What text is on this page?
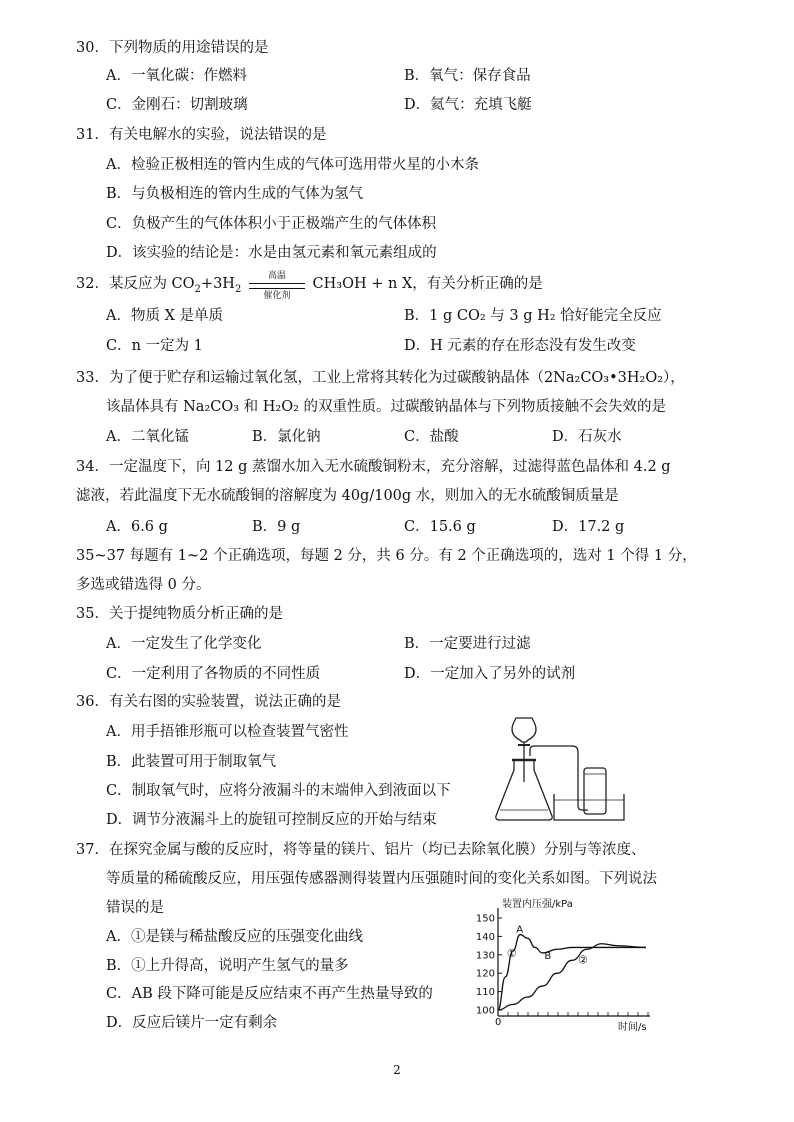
30．下列物质的用途错误的是
A．一氧化碳：作燃料	B．氧气：保存食品
C．金刚石：切割玻璃	D．氦气：充填飞艇
31．有关电解水的实验，说法错误的是
A．检验正极相连的管内生成的气体可选用带火星的小木条
B．与负极相连的管内生成的气体为氢气
C．负极产生的气体体积小于正极端产生的气体体积
D．该实验的结论是：水是由氢元素和氧元素组成的
32．某反应为 $CO_2+3H_2$
高温
催化剂
CH₃OH + n X，有关分析正确的是
A．物质 X 是单质	B．1 g CO₂ 与 3 g H₂ 恰好能完全反应
C．n 一定为 1	D．H 元素的存在形态没有发生改变
33．为了便于贮存和运输过氧化氢，工业上常将其转化为过碳酸钠晶体（2Na₂CO₃•3H₂O₂），
该晶体具有 Na₂CO₃ 和 H₂O₂ 的双重性质。过碳酸钠晶体与下列物质接触不会失效的是
A．二氧化锰	B．氯化钠	C．盐酸	D．石灰水
34．一定温度下，向 12 g 蒸馏水加入无水硫酸铜粉末，充分溶解，过滤得蓝色晶体和 4.2 g
滤液，若此温度下无水硫酸铜的溶解度为 40g/100g 水，则加入的无水硫酸铜质量是
A．6.6 g	B．9 g	C．15.6 g	D．17.2 g
35~37 每题有 1~2 个正确选项，每题 2 分，共 6 分。有 2 个正确选项的，选对 1 个得 1 分，
多选或错选得 0 分。
35．关于提纯物质分析正确的是
A．一定发生了化学变化	B．一定要进行过滤
C．一定利用了各物质的不同性质	D．一定加入了另外的试剂
36．有关右图的实验装置，说法正确的是
A．用手捂锥形瓶可以检查装置气密性
B．此装置可用于制取氧气
C．制取氧气时，应将分液漏斗的末端伸入到液面以下
D．调节分液漏斗上的旋钮可控制反应的开始与结束
37．在探究金属与酸的反应时，将等量的镁片、铝片（均已去除氧化膜）分别与等浓度、
等质量的稀硫酸反应，用压强传感器测得装置内压强随时间的变化关系如图。下列说法
错误的是
A．①是镁与稀盐酸反应的压强变化曲线
B．①上升得高，说明产生氢气的量多
C．AB 段下降可能是反应结束不再产生热量导致的
D．反应后镁片一定有剩余
装置内压强/kPa
时间/s
0
100
110
120
130
140
150
①	②
A
B
2
